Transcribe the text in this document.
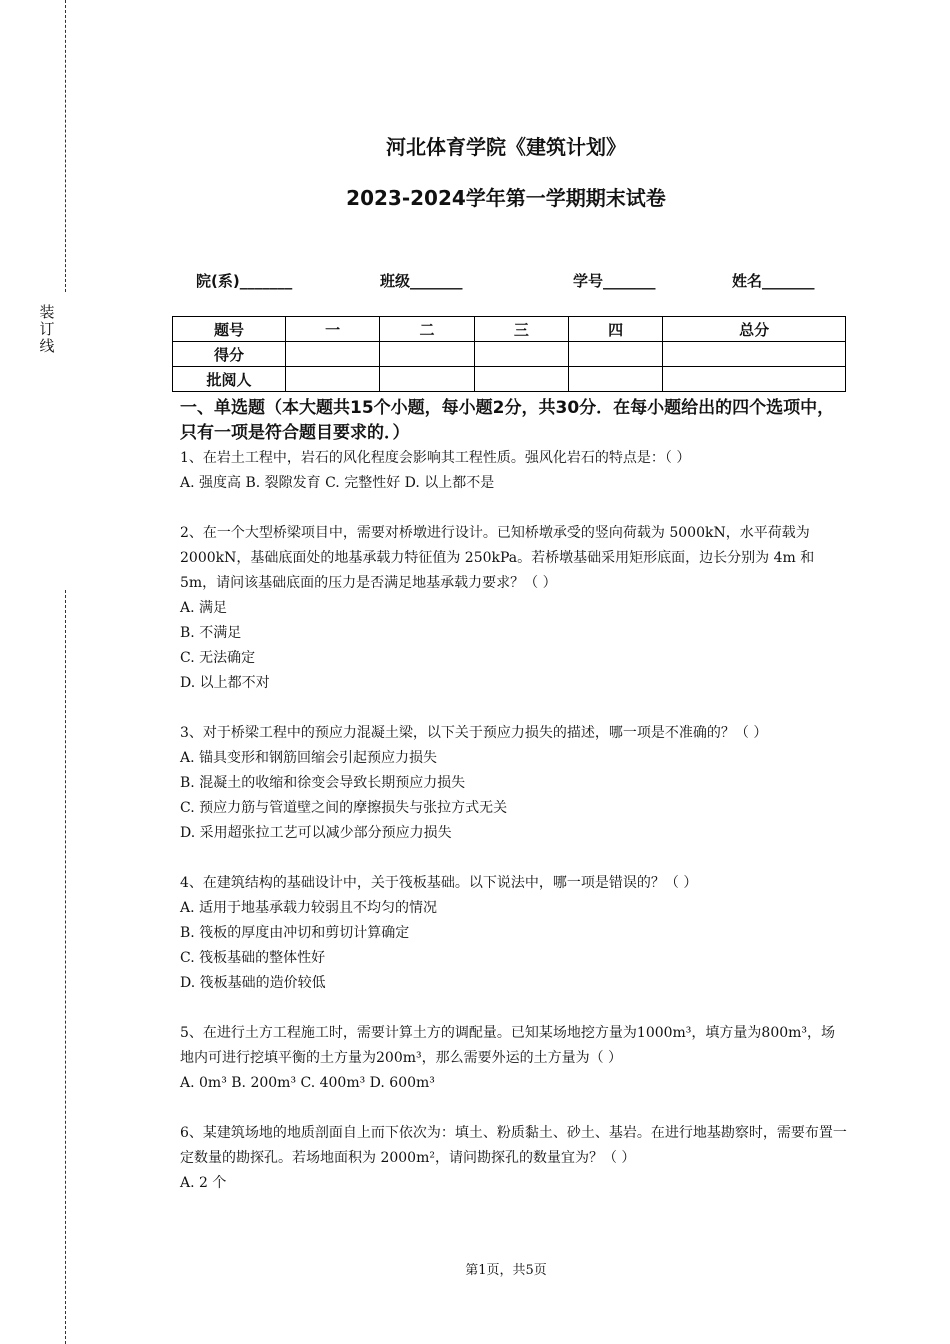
装订线
河北体育学院《建筑计划》
2023-2024学年第一学期期末试卷
院(系)_______	班级_______	学号_______	姓名_______
题号	一	二	三	四	总分
得分					
批阅人					
一、单选题（本大题共15个小题，每小题2分，共30分．在每小题给出的四个选项中，只有一项是符合题目要求的．）
1、在岩土工程中，岩石的风化程度会影响其工程性质。强风化岩石的特点是：（ ）
A. 强度高 B. 裂隙发育 C. 完整性好 D. 以上都不是
2、在一个大型桥梁项目中，需要对桥墩进行设计。已知桥墩承受的竖向荷载为 5000kN，水平荷载为 2000kN，基础底面处的地基承载力特征值为 250kPa。若桥墩基础采用矩形底面，边长分别为 4m 和 5m，请问该基础底面的压力是否满足地基承载力要求？（ ）
A. 满足
B. 不满足
C. 无法确定
D. 以上都不对
3、对于桥梁工程中的预应力混凝土梁，以下关于预应力损失的描述，哪一项是不准确的？（ ）
A. 锚具变形和钢筋回缩会引起预应力损失
B. 混凝土的收缩和徐变会导致长期预应力损失
C. 预应力筋与管道壁之间的摩擦损失与张拉方式无关
D. 采用超张拉工艺可以减少部分预应力损失
4、在建筑结构的基础设计中，关于筏板基础。以下说法中，哪一项是错误的？（ ）
A. 适用于地基承载力较弱且不均匀的情况
B. 筏板的厚度由冲切和剪切计算确定
C. 筏板基础的整体性好
D. 筏板基础的造价较低
5、在进行土方工程施工时，需要计算土方的调配量。已知某场地挖方量为1000m³，填方量为800m³，场地内可进行挖填平衡的土方量为200m³，那么需要外运的土方量为（ ）
A. 0m³ B. 200m³ C. 400m³ D. 600m³
6、某建筑场地的地质剖面自上而下依次为：填土、粉质黏土、砂土、基岩。在进行地基勘察时，需要布置一定数量的勘探孔。若场地面积为 2000m²，请问勘探孔的数量宜为？（ ）
A. 2 个
第1页，共5页
